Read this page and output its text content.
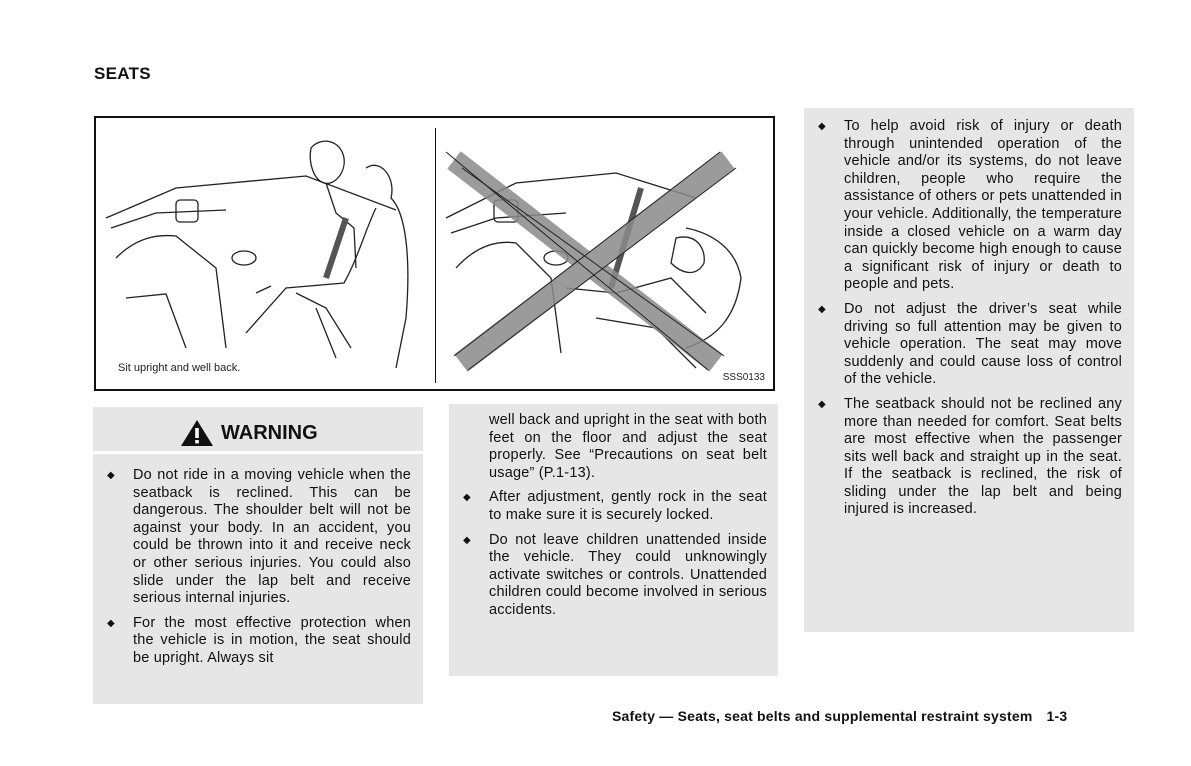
SEATS
Sit upright and well back.
SSS0133
WARNING
◆ Do not ride in a moving vehicle when the seatback is reclined. This can be dangerous. The shoulder belt will not be against your body. In an accident, you could be thrown into it and receive neck or other serious injuries. You could also slide under the lap belt and receive serious internal injuries.
◆ For the most effective protection when the vehicle is in motion, the seat should be upright. Always sit
well back and upright in the seat with both feet on the floor and adjust the seat properly. See “Precautions on seat belt usage” (P.1-13).
◆ After adjustment, gently rock in the seat to make sure it is securely locked.
◆ Do not leave children unattended inside the vehicle. They could unknowingly activate switches or controls. Unattended children could become involved in serious accidents.
◆ To help avoid risk of injury or death through unintended operation of the vehicle and/or its systems, do not leave children, people who require the assistance of others or pets unattended in your vehicle. Additionally, the temperature inside a closed vehicle on a warm day can quickly become high enough to cause a significant risk of injury or death to people and pets.
◆ Do not adjust the driver’s seat while driving so full attention may be given to vehicle operation. The seat may move suddenly and could cause loss of control of the vehicle.
◆ The seatback should not be reclined any more than needed for comfort. Seat belts are most effective when the passenger sits well back and straight up in the seat. If the seatback is reclined, the risk of sliding under the lap belt and being injured is increased.
Safety — Seats, seat belts and supplemental restraint system 1-3
